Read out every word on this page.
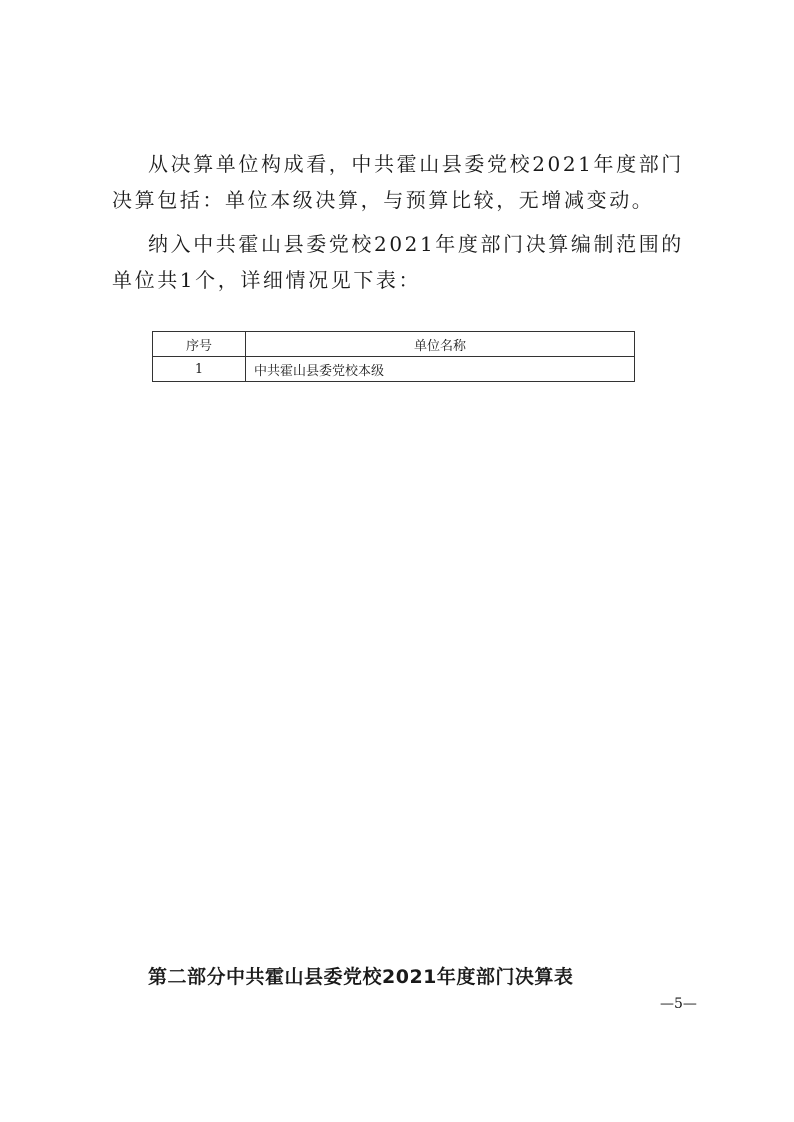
从决算单位构成看，中共霍山县委党校2021年度部门决算包括：单位本级决算，与预算比较，无增减变动。

纳入中共霍山县委党校2021年度部门决算编制范围的单位共1个，详细情况见下表：

序号	单位名称
1	中共霍山县委党校本级
第二部分中共霍山县委党校2021年度部门决算表
—5—
